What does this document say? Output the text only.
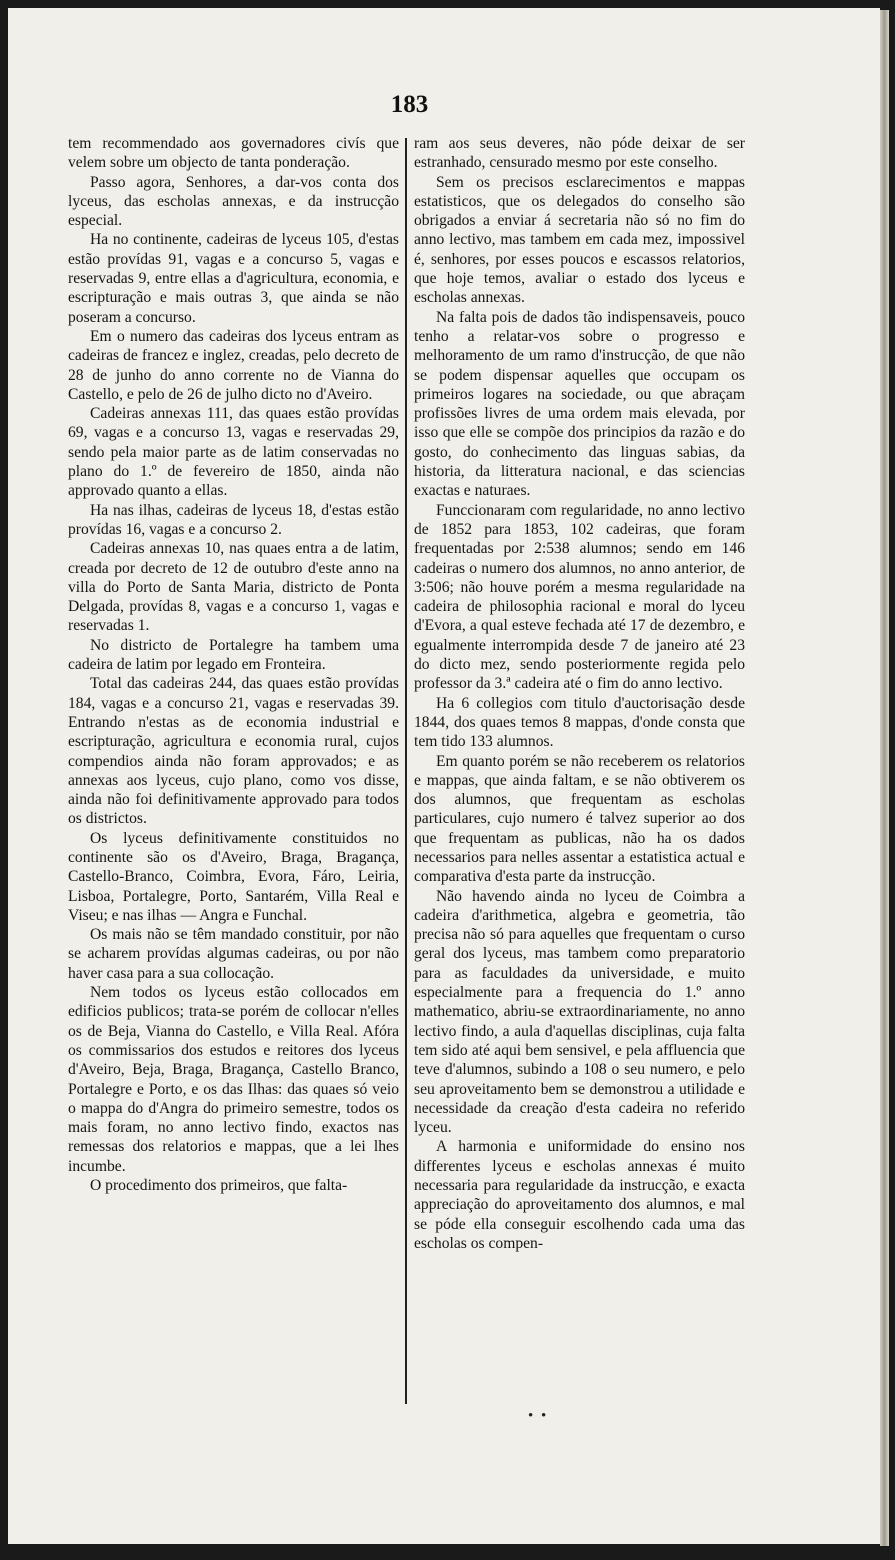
183

tem recommendado aos governadores civís que velem sobre um objecto de tanta ponderação.

Passo agora, Senhores, a dar-vos conta dos lyceus, das escholas annexas, e da instrucção especial.

Ha no continente, cadeiras de lyceus 105, d'estas estão provídas 91, vagas e a concurso 5, vagas e reservadas 9, entre ellas a d'agricultura, economia, e escripturação e mais outras 3, que ainda se não poseram a concurso.

Em o numero das cadeiras dos lyceus entram as cadeiras de francez e inglez, creadas, pelo decreto de 28 de junho do anno corrente no de Vianna do Castello, e pelo de 26 de julho dicto no d'Aveiro.

Cadeiras annexas 111, das quaes estão provídas 69, vagas e a concurso 13, vagas e reservadas 29, sendo pela maior parte as de latim conservadas no plano do 1.º de fevereiro de 1850, ainda não approvado quanto a ellas.

Ha nas ilhas, cadeiras de lyceus 18, d'estas estão provídas 16, vagas e a concurso 2.

Cadeiras annexas 10, nas quaes entra a de latim, creada por decreto de 12 de outubro d'este anno na villa do Porto de Santa Maria, districto de Ponta Delgada, provídas 8, vagas e a concurso 1, vagas e reservadas 1.

No districto de Portalegre ha tambem uma cadeira de latim por legado em Fronteira.

Total das cadeiras 244, das quaes estão provídas 184, vagas e a concurso 21, vagas e reservadas 39. Entrando n'estas as de economia industrial e escripturação, agricultura e economia rural, cujos compendios ainda não foram approvados; e as annexas aos lyceus, cujo plano, como vos disse, ainda não foi definitivamente approvado para todos os districtos.

Os lyceus definitivamente constituidos no continente são os d'Aveiro, Braga, Bragança, Castello-Branco, Coimbra, Evora, Fáro, Leiria, Lisboa, Portalegre, Porto, Santarém, Villa Real e Viseu; e nas ilhas — Angra e Funchal.

Os mais não se têm mandado constituir, por não se acharem provídas algumas cadeiras, ou por não haver casa para a sua collocação.

Nem todos os lyceus estão collocados em edificios publicos; trata-se porém de collocar n'elles os de Beja, Vianna do Castello, e Villa Real. Afóra os commissarios dos estudos e reitores dos lyceus d'Aveiro, Beja, Braga, Bragança, Castello Branco, Portalegre e Porto, e os das Ilhas: das quaes só veio o mappa do d'Angra do primeiro semestre, todos os mais foram, no anno lectivo findo, exactos nas remessas dos relatorios e mappas, que a lei lhes incumbe.

O procedimento dos primeiros, que falta-

ram aos seus deveres, não póde deixar de ser estranhado, censurado mesmo por este conselho.

Sem os precisos esclarecimentos e mappas estatisticos, que os delegados do conselho são obrigados a enviar á secretaria não só no fim do anno lectivo, mas tambem em cada mez, impossivel é, senhores, por esses poucos e escassos relatorios, que hoje temos, avaliar o estado dos lyceus e escholas annexas.

Na falta pois de dados tão indispensaveis, pouco tenho a relatar-vos sobre o progresso e melhoramento de um ramo d'instrucção, de que não se podem dispensar aquelles que occupam os primeiros logares na sociedade, ou que abraçam profissões livres de uma ordem mais elevada, por isso que elle se compõe dos principios da razão e do gosto, do conhecimento das linguas sabias, da historia, da litteratura nacional, e das sciencias exactas e naturaes.

Funccionaram com regularidade, no anno lectivo de 1852 para 1853, 102 cadeiras, que foram frequentadas por 2:538 alumnos; sendo em 146 cadeiras o numero dos alumnos, no anno anterior, de 3:506; não houve porém a mesma regularidade na cadeira de philosophia racional e moral do lyceu d'Evora, a qual esteve fechada até 17 de dezembro, e egualmente interrompida desde 7 de janeiro até 23 do dicto mez, sendo posteriormente regida pelo professor da 3.ª cadeira até o fim do anno lectivo.

Ha 6 collegios com titulo d'auctorisação desde 1844, dos quaes temos 8 mappas, d'onde consta que tem tido 133 alumnos.

Em quanto porém se não receberem os relatorios e mappas, que ainda faltam, e se não obtiverem os dos alumnos, que frequentam as escholas particulares, cujo numero é talvez superior ao dos que frequentam as publicas, não ha os dados necessarios para nelles assentar a estatistica actual e comparativa d'esta parte da instrucção.

Não havendo ainda no lyceu de Coimbra a cadeira d'arithmetica, algebra e geometria, tão precisa não só para aquelles que frequentam o curso geral dos lyceus, mas tambem como preparatorio para as faculdades da universidade, e muito especialmente para a frequencia do 1.º anno mathematico, abriu-se extraordinariamente, no anno lectivo findo, a aula d'aquellas disciplinas, cuja falta tem sido até aqui bem sensivel, e pela affluencia que teve d'alumnos, subindo a 108 o seu numero, e pelo seu aproveitamento bem se demonstrou a utilidade e necessidade da creação d'esta cadeira no referido lyceu.

A harmonia e uniformidade do ensino nos differentes lyceus e escholas annexas é muito necessaria para regularidade da instrucção, e exacta appreciação do aproveitamento dos alumnos, e mal se póde ella conseguir escolhendo cada uma das escholas os compen-

• •
